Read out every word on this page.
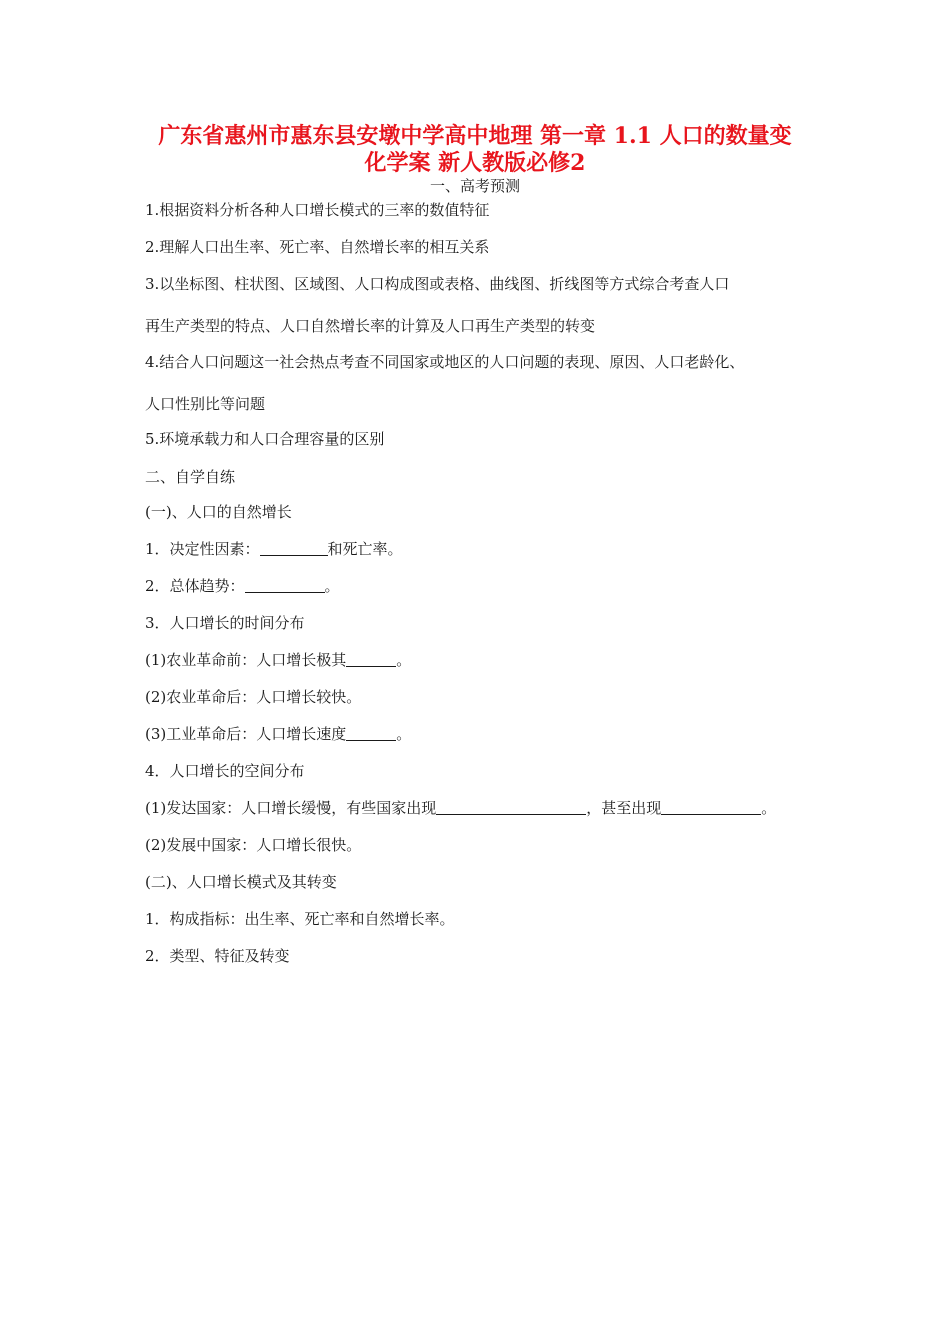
广东省惠州市惠东县安墩中学高中地理 第一章 1.1 人口的数量变
化学案 新人教版必修2
一、高考预测
1.根据资料分析各种人口增长模式的三率的数值特征
2.理解人口出生率、死亡率、自然增长率的相互关系
3.以坐标图、柱状图、区域图、人口构成图或表格、曲线图、折线图等方式综合考查人口
再生产类型的特点、人口自然增长率的计算及人口再生产类型的转变
4.结合人口问题这一社会热点考查不同国家或地区的人口问题的表现、原因、人口老龄化、
人口性别比等问题
5.环境承载力和人口合理容量的区别
二、自学自练
(一)、人口的自然增长
1．决定性因素：	和死亡率。
2．总体趋势：	。
3．人口增长的时间分布
(1)农业革命前：人口增长极其	。
(2)农业革命后：人口增长较快。
(3)工业革命后：人口增长速度	。
4．人口增长的空间分布
(1)发达国家：人口增长缓慢，有些国家出现	，甚至出现	。
(2)发展中国家：人口增长很快。
(二)、人口增长模式及其转变
1．构成指标：出生率、死亡率和自然增长率。
2．类型、特征及转变
